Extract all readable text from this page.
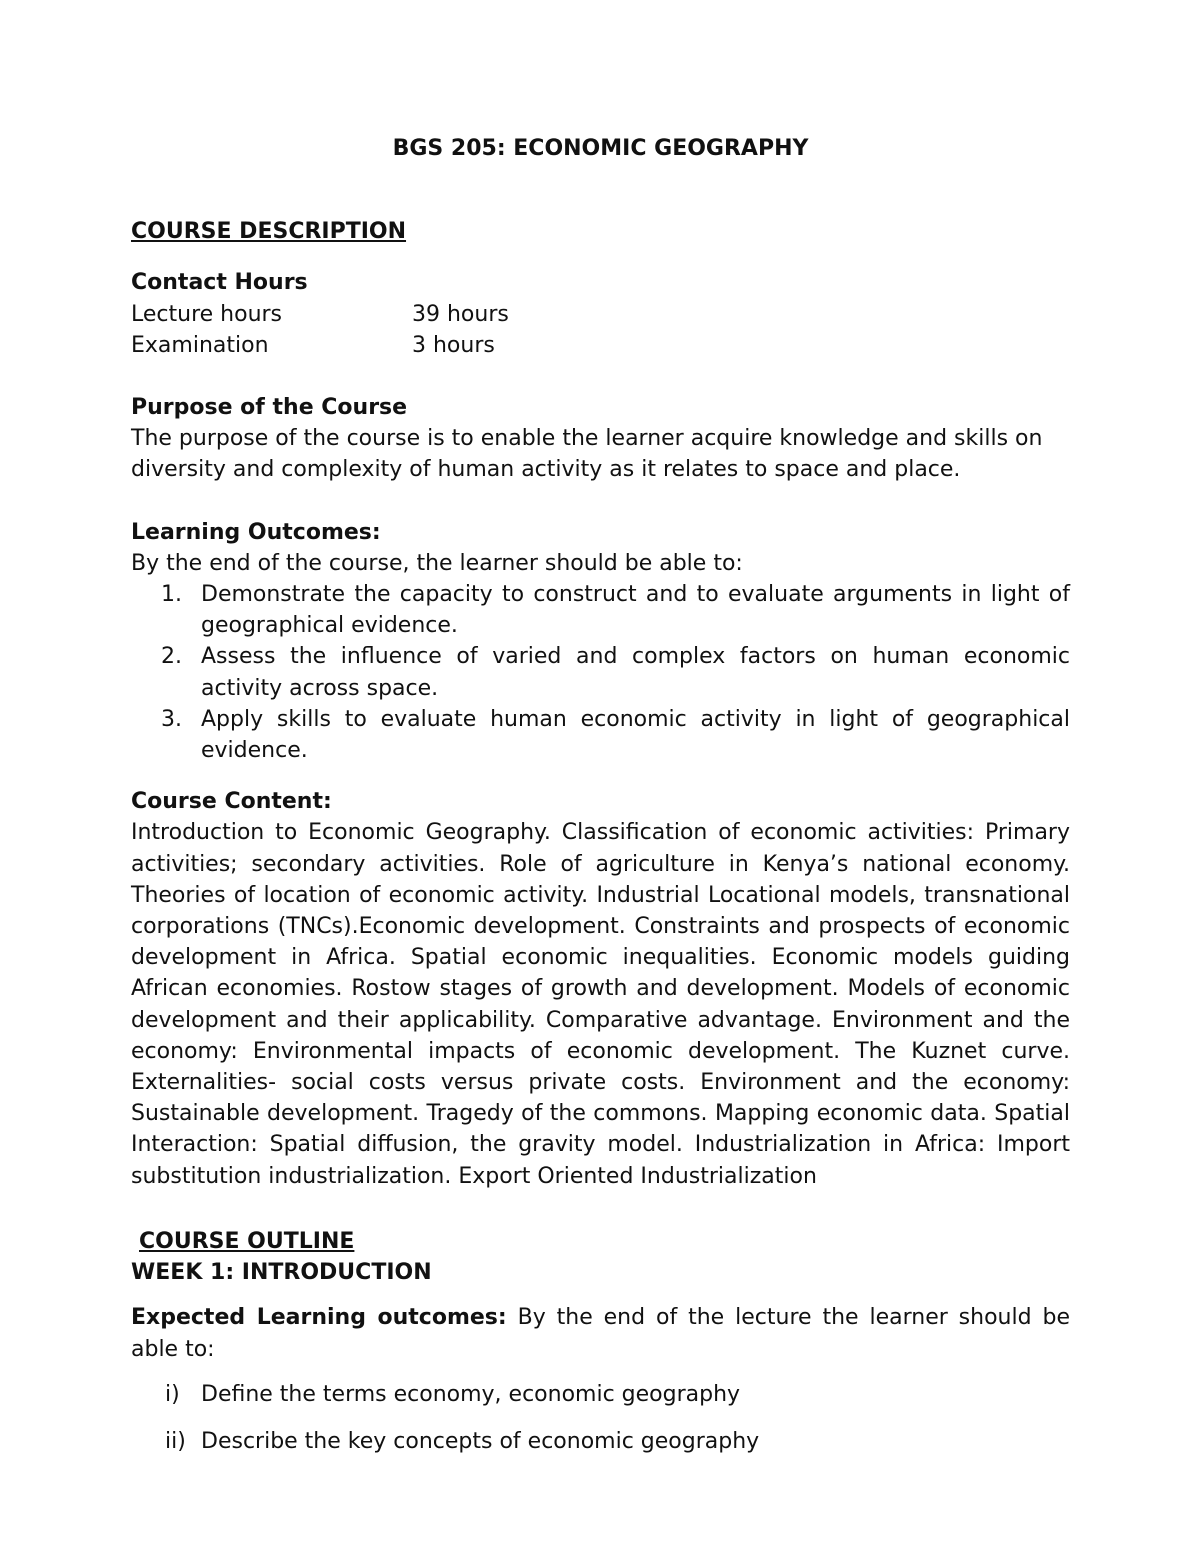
BGS 205: ECONOMIC GEOGRAPHY

COURSE DESCRIPTION

Contact Hours

Lecture hours	39 hours
Examination	3 hours

Purpose of the Course

The purpose of the course is to enable the learner acquire knowledge and skills on diversity and complexity of human activity as it relates to space and place.

Learning Outcomes:

By the end of the course, the learner should be able to:

1. Demonstrate the capacity to construct and to evaluate arguments in light of geographical evidence.
2. Assess the influence of varied and complex factors on human economic activity across space.
3. Apply skills to evaluate human economic activity in light of geographical evidence.

Course Content:

Introduction to Economic Geography. Classification of economic activities: Primary activities; secondary activities. Role of agriculture in Kenya’s national economy. Theories of location of economic activity. Industrial Locational models, transnational corporations (TNCs).Economic development. Constraints and prospects of economic development in Africa. Spatial economic inequalities. Economic models guiding African economies. Rostow stages of growth and development. Models of economic development and their applicability. Comparative advantage. Environment and the economy: Environmental impacts of economic development. The Kuznet curve. Externalities- social costs versus private costs. Environment and the economy: Sustainable development. Tragedy of the commons. Mapping economic data. Spatial Interaction: Spatial diffusion, the gravity model. Industrialization in Africa: Import substitution industrialization. Export Oriented Industrialization

COURSE OUTLINE

WEEK 1: INTRODUCTION

Expected Learning outcomes: By the end of the lecture the learner should be able to:

i) Define the terms economy, economic geography
ii) Describe the key concepts of economic geography
